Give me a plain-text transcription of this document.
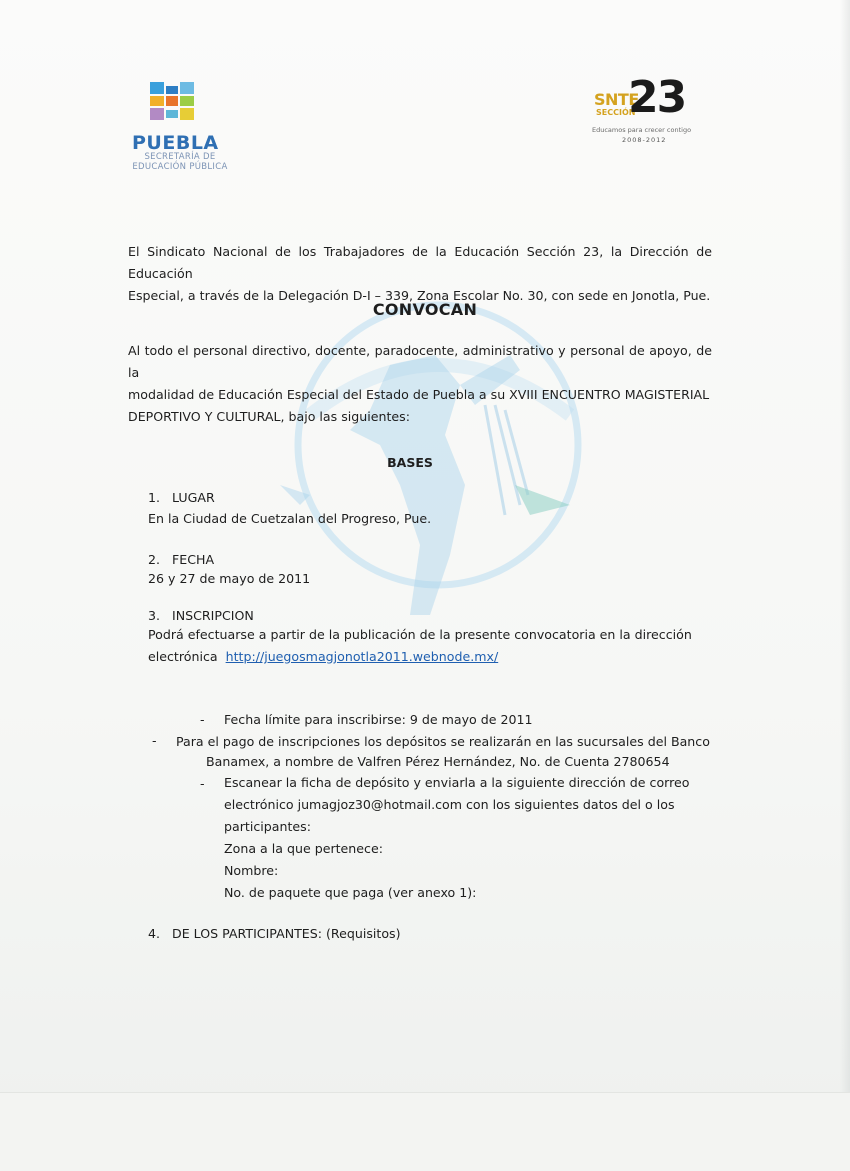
PUEBLA
SECRETARÍA DE
EDUCACIÓN PÚBLICA
SNTE
SECCIÓN
23
Educamos para crecer contigo
2008-2012
El Sindicato Nacional de los Trabajadores de la Educación Sección 23, la Dirección de Educación
Especial, a través de la Delegación D-I – 339, Zona Escolar No. 30, con sede en Jonotla, Pue.
CONVOCAN
Al todo el personal directivo, docente, paradocente, administrativo y personal de apoyo, de la
modalidad de Educación Especial del Estado de Puebla a su XVIII ENCUENTRO MAGISTERIAL
DEPORTIVO Y CULTURAL, bajo las siguientes:
BASES
1. LUGAR
En la Ciudad de Cuetzalan del Progreso, Pue.
2. FECHA
26 y 27 de mayo de 2011
3. INSCRIPCION
Podrá efectuarse a partir de la publicación de la presente convocatoria en la dirección
electrónica http://juegosmagjonotla2011.webnode.mx/
- Fecha límite para inscribirse: 9 de mayo de 2011
- Para el pago de inscripciones los depósitos se realizarán en las sucursales del Banco
Banamex, a nombre de Valfren Pérez Hernández, No. de Cuenta 2780654
- Escanear la ficha de depósito y enviarla a la siguiente dirección de correo
electrónico jumagjoz30@hotmail.com con los siguientes datos del o los
participantes:
Zona a la que pertenece:
Nombre:
No. de paquete que paga (ver anexo 1):
4. DE LOS PARTICIPANTES: (Requisitos)
